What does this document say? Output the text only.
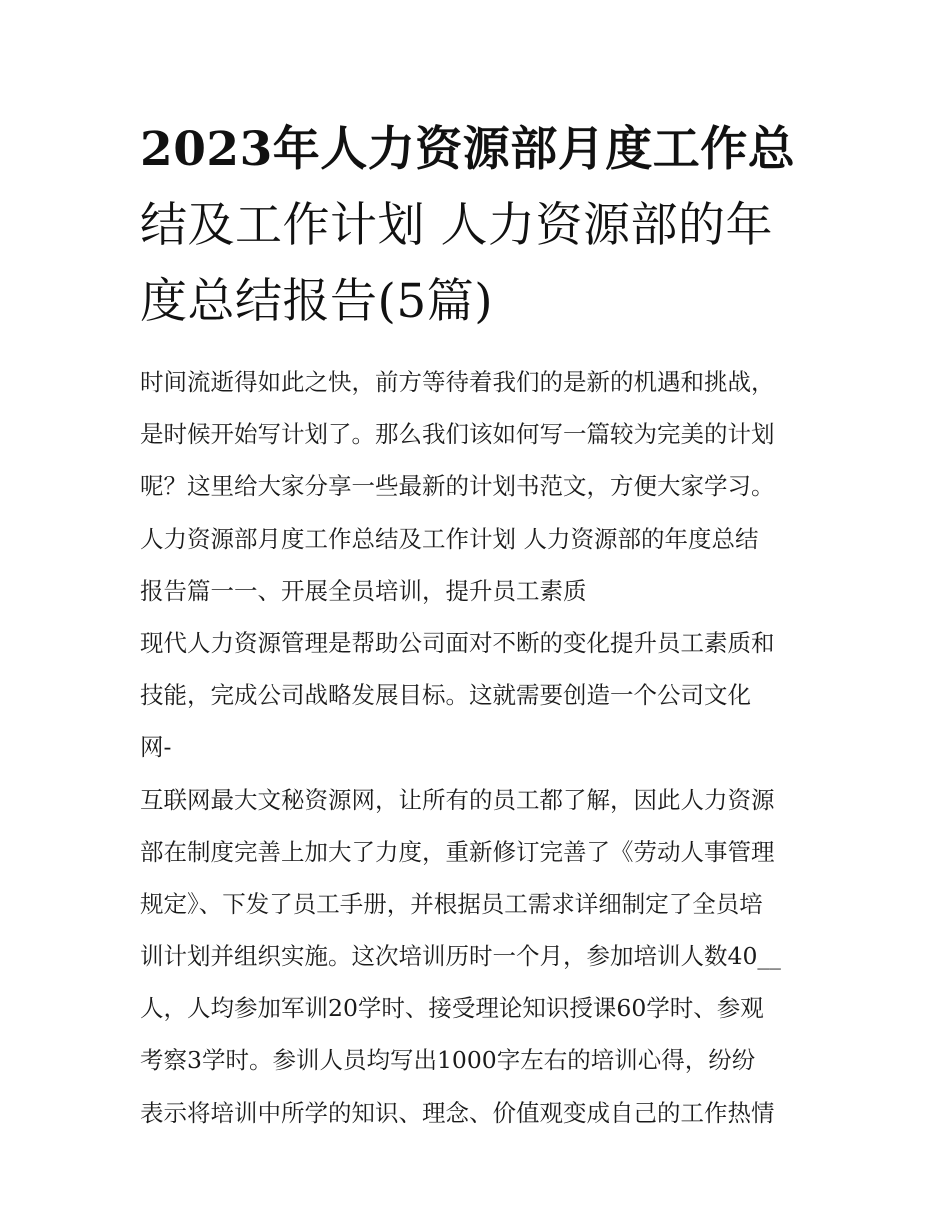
2023年人力资源部月度工作总
结及工作计划 人力资源部的年
度总结报告(5篇)
时间流逝得如此之快，前方等待着我们的是新的机遇和挑战，
是时候开始写计划了。那么我们该如何写一篇较为完美的计划
呢？这里给大家分享一些最新的计划书范文，方便大家学习。
人力资源部月度工作总结及工作计划 人力资源部的年度总结
报告篇一一、开展全员培训，提升员工素质
现代人力资源管理是帮助公司面对不断的变化提升员工素质和
技能，完成公司战略发展目标。这就需要创造一个公司文化
网-
互联网最大文秘资源网，让所有的员工都了解，因此人力资源
部在制度完善上加大了力度，重新修订完善了《劳动人事管理
规定》、下发了员工手册，并根据员工需求详细制定了全员培
训计划并组织实施。这次培训历时一个月，参加培训人数40__
人，人均参加军训20学时、接受理论知识授课60学时、参观
考察3学时。参训人员均写出1000字左右的培训心得，纷纷
表示将培训中所学的知识、理念、价值观变成自己的工作热情
